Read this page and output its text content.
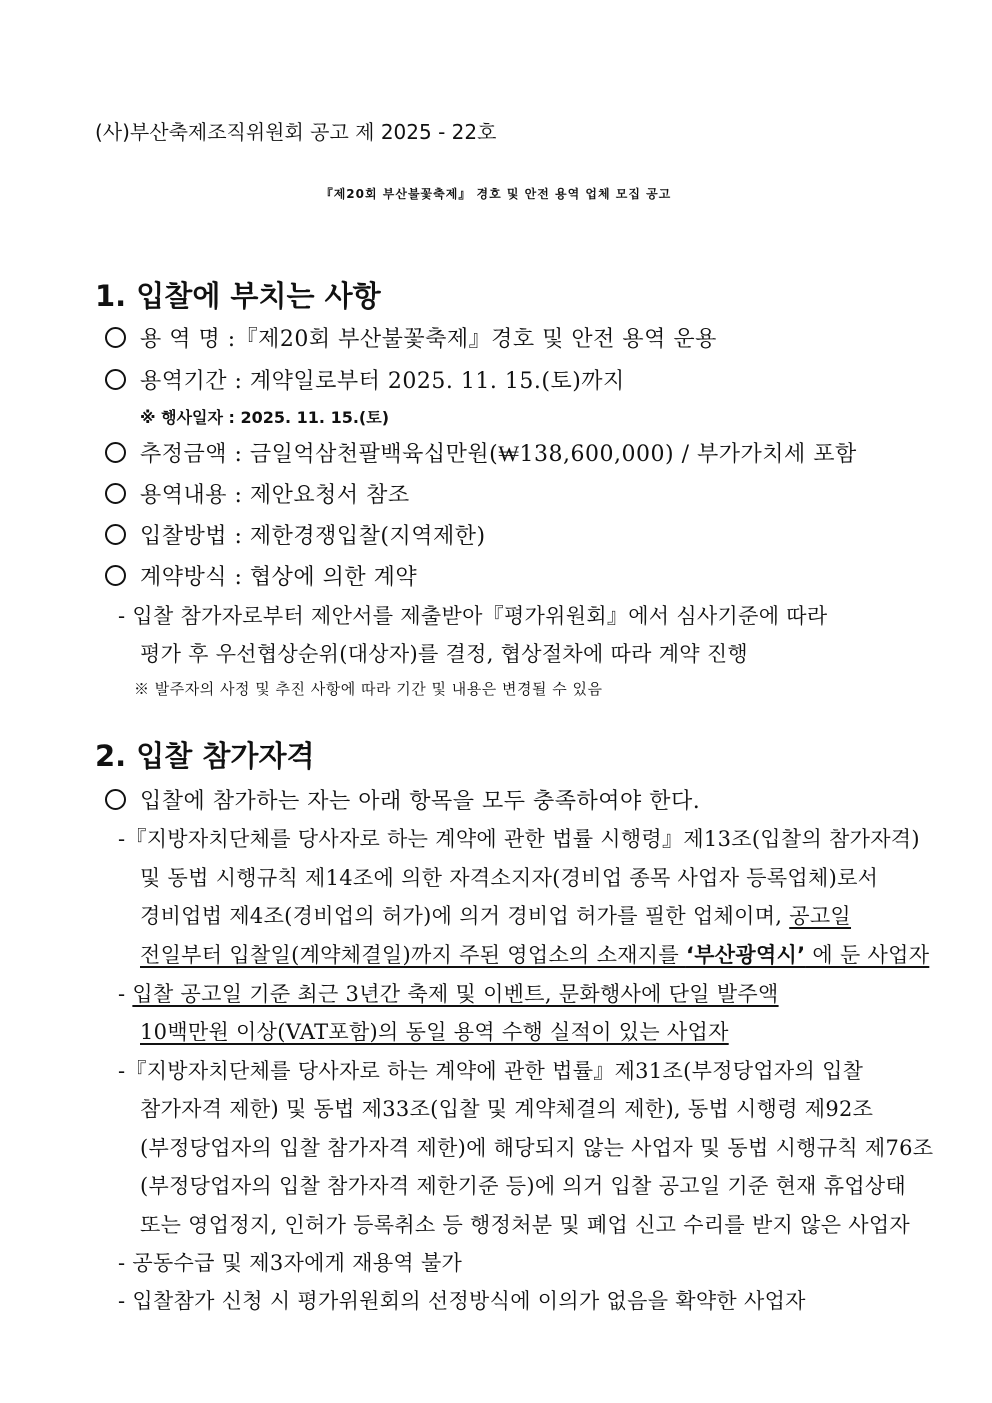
(사)부산축제조직위원회 공고 제 2025 - 22호
『제20회 부산불꽃축제』 경호 및 안전 용역 업체 모집 공고
1. 입찰에 부치는 사항
용 역 명 :『제20회 부산불꽃축제』경호 및 안전 용역 운용
용역기간 : 계약일로부터 2025. 11. 15.(토)까지
※ 행사일자 : 2025. 11. 15.(토)
추정금액 : 금일억삼천팔백육십만원(₩138,600,000) / 부가가치세 포함
용역내용 : 제안요청서 참조
입찰방법 : 제한경쟁입찰(지역제한)
계약방식 : 협상에 의한 계약
- 입찰 참가자로부터 제안서를 제출받아『평가위원회』에서 심사기준에 따라
평가 후 우선협상순위(대상자)를 결정, 협상절차에 따라 계약 진행
※ 발주자의 사정 및 추진 사항에 따라 기간 및 내용은 변경될 수 있음
2. 입찰 참가자격
입찰에 참가하는 자는 아래 항목을 모두 충족하여야 한다.
-『지방자치단체를 당사자로 하는 계약에 관한 법률 시행령』제13조(입찰의 참가자격)
및 동법 시행규칙 제14조에 의한 자격소지자(경비업 종목 사업자 등록업체)로서
경비업법 제4조(경비업의 허가)에 의거 경비업 허가를 필한 업체이며, 공고일
전일부터 입찰일(계약체결일)까지 주된 영업소의 소재지를 ‘부산광역시’ 에 둔 사업자
- 입찰 공고일 기준 최근 3년간 축제 및 이벤트, 문화행사에 단일 발주액
10백만원 이상(VAT포함)의 동일 용역 수행 실적이 있는 사업자
-『지방자치단체를 당사자로 하는 계약에 관한 법률』제31조(부정당업자의 입찰
참가자격 제한) 및 동법 제33조(입찰 및 계약체결의 제한), 동법 시행령 제92조
(부정당업자의 입찰 참가자격 제한)에 해당되지 않는 사업자 및 동법 시행규칙 제76조
(부정당업자의 입찰 참가자격 제한기준 등)에 의거 입찰 공고일 기준 현재 휴업상태
또는 영업정지, 인허가 등록취소 등 행정처분 및 폐업 신고 수리를 받지 않은 사업자
- 공동수급 및 제3자에게 재용역 불가
- 입찰참가 신청 시 평가위원회의 선정방식에 이의가 없음을 확약한 사업자
